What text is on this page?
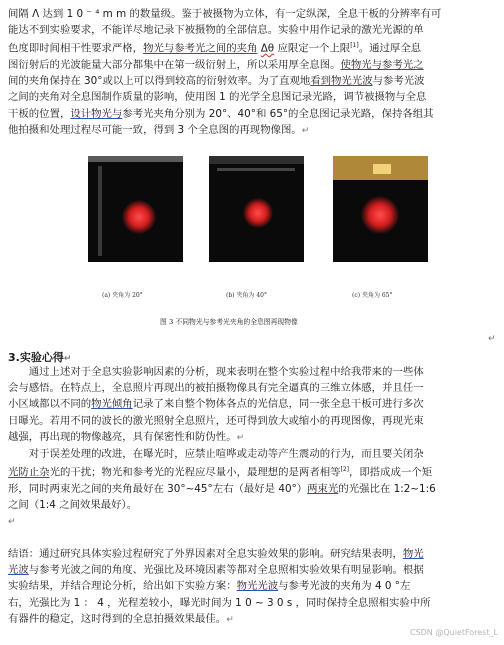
间隔 Λ 达到 1 0 ⁻ ⁴ m m 的数量级。鉴于被摄物为立体，有一定纵深，全息干板的分辨率有可
能达不到实验要求，不能详尽地记录下被摄物的全部信息。实验中用作记录的激光光源的单
色度即时间相干性要求严格，物光与参考光之间的夹角 Δθ 应限定一个上限[1]。通过厚全息
图衍射后的光波能量大部分都集中在第一级衍射上，所以采用厚全息图。使物光与参考光之
间的夹角保持在 30°或以上可以得到较高的衍射效率。为了直观地看到物光光波与参考光波
之间的夹角对全息图制作质量的影响，使用图 1 的光学全息图记录光路，调节被摄物与全息
干板的位置，设计物光与参考光夹角分别为 20°、40°和 65°的全息图记录光路，保持各组其
他拍摄和处理过程尽可能一致，得到 3 个全息图的再现物像图。↵

(a) 夹角为 20°	(b) 夹角为 40°	(c) 夹角为 65°
图 3 不同物光与参考光夹角的全息图再现物像
↵
3.实验心得↵

  通过上述对于全息实验影响因素的分析，现来表明在整个实验过程中给我带来的一些体
会与感悟。在特点上，全息照片再现出的被拍摄物像具有完全逼真的三维立体感，并且任一
小区域都以不同的物光倾角记录了来自整个物体各点的光信息，同一张全息干板可进行多次
日曝光。若用不同的波长的激光照射全息照片，还可得到放大或缩小的再现图像，再现光束
越强，再出现的物像越亮，具有保密性和防伪性。↵

  对于误差处理的改进，在曝光时，应禁止喧哗或走动等产生震动的行为，而且要关闭杂
光防止杂光的干扰；物光和参考光的光程应尽量小，最理想的是两者相等[2]，即搭成成一个矩
形，同时两束光之间的夹角最好在 30°~45°左右（最好是 40°）两束光的光强比在 1:2~1:6
之间（1:4 之间效果最好）。
↵

结语：通过研究具体实验过程研究了外界因素对全息实验效果的影响。研究结果表明，物光
光波与参考光波之间的角度、光强比及环境因素等都对全息照相实验效果有明显影响。根据
实验结果，并结合理论分析，给出如下实验方案：物光光波与参考光波的夹角为 4 0 °左
右，光强比为 1 ： 4 ，光程差较小，曝光时间为 1 0 ~ 3 0 s ，同时保持全息照相实验中所
有器件的稳定，这时得到的全息拍摄效果最佳。↵

CSDN @QuietForest_L
